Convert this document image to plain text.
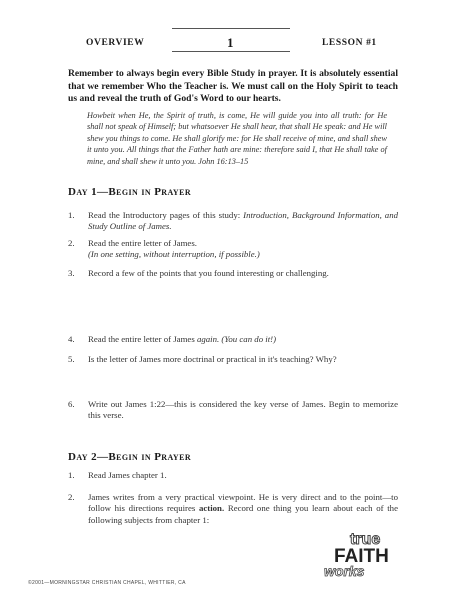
OVERVIEW	1	LESSON #1
Remember to always begin every Bible Study in prayer. It is absolutely essential that we remember Who the Teacher is. We must call on the Holy Spirit to teach us and reveal the truth of God's Word to our hearts.
Howbeit when He, the Spirit of truth, is come, He will guide you into all truth: for He shall not speak of Himself; but whatsoever He shall hear, that shall He speak: and He will shew you things to come. He shall glorify me: for He shall receive of mine, and shall shew it unto you. All things that the Father hath are mine: therefore said I, that He shall take of mine, and shall shew it unto you. John 16:13–15
Day 1—Begin in Prayer
1.	Read the Introductory pages of this study: Introduction, Background Information, and Study Outline of James.
2.	Read the entire letter of James.
(In one setting, without interruption, if possible.)
3.	Record a few of the points that you found interesting or challenging.
4.	Read the entire letter of James again. (You can do it!)
5.	Is the letter of James more doctrinal or practical in it's teaching? Why?
6.	Write out James 1:22—this is considered the key verse of James. Begin to memorize this verse.
Day 2—Begin in Prayer
1.	Read James chapter 1.
2.	James writes from a very practical viewpoint. He is very direct and to the point—to follow his directions requires action. Record one thing you learn about each of the following subjects from chapter 1:
true
FAITH
works
©2001—MORNINGSTAR CHRISTIAN CHAPEL, WHITTIER, CA
